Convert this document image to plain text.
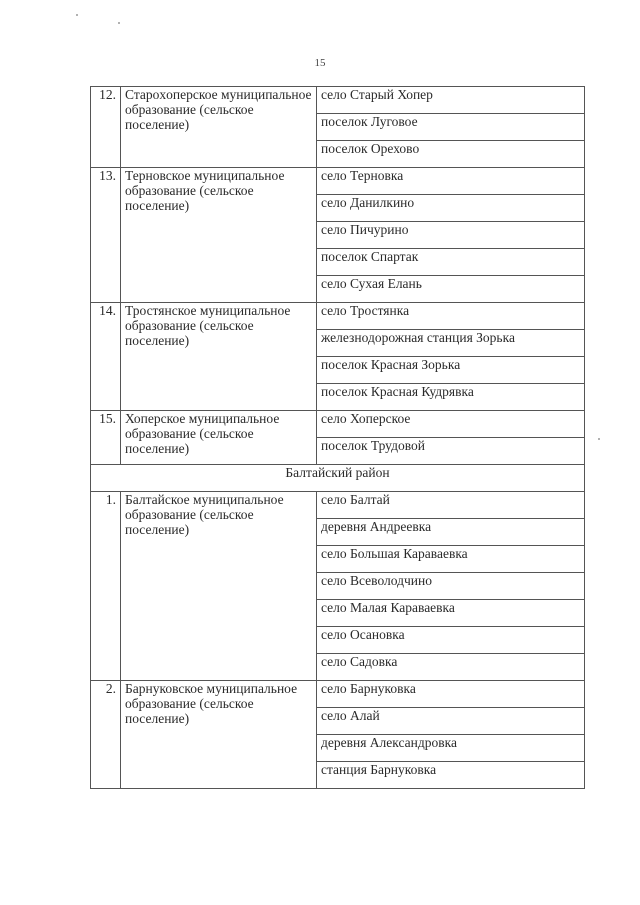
15
12.	Староxоперское муниципальное образование (сельское поселение)	село Старый Хопер
		поселок Луговое
		поселок Орехово
13.	Терновское муниципальное образование (сельское поселение)	село Терновка
		село Данилкино
		село Пичурино
		поселок Спартак
		село Сухая Елань
14.	Тростянское муниципальное образование (сельское поселение)	село Тростянка
		железнодорожная станция Зорька
		поселок Красная Зорька
		поселок Красная Кудрявка
15.	Хоперское муниципальное образование (сельское поселение)	село Хоперское
		поселок Трудовой
Балтайский район		
1.	Балтайское муниципальное образование (сельское поселение)	село Балтай
		деревня Андреевка
		село Большая Караваевка
		село Всеволодчино
		село Малая Караваевка
		село Осановка
		село Садовка
2.	Барнуковское муниципальное образование (сельское поселение)	село Барнуковка
		село Алай
		деревня Александровка
		станция Барнуковка
